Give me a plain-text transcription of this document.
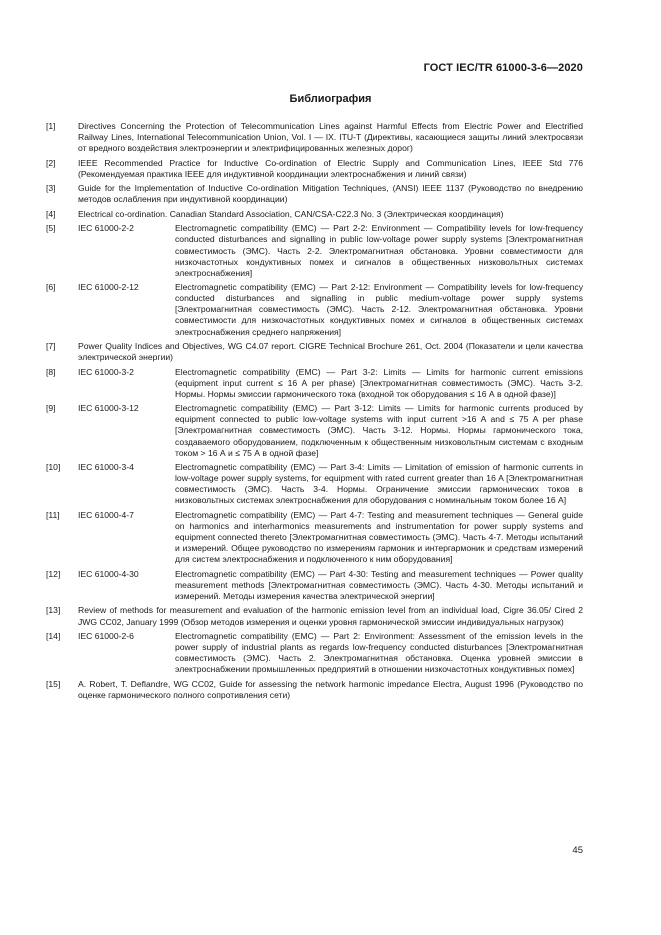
ГОСТ IEC/TR 61000-3-6—2020
Библиография
[1]	Directives Concerning the Protection of Telecommunication Lines against Harmful Effects from Electric Power and Electrified Railway Lines, International Telecommunication Union, Vol. I — IX. ITU-T (Директивы, касающиеся защиты линий электросвязи от вредного воздействия электроэнергии и электрифицированных железных дорог)
[2]	IEEE Recommended Practice for Inductive Co-ordination of Electric Supply and Communication Lines, IEEE Std 776 (Рекомендуемая практика IEEE для индуктивной координации электроснабжения и линий связи)
[3]	Guide for the Implementation of Inductive Co-ordination Mitigation Techniques, (ANSI) IEEE 1137 (Руководство по внедрению методов ослабления при индуктивной координации)
[4]	Electrical co-ordination. Canadian Standard Association, CAN/CSA-C22.3 No. 3 (Электрическая координация)
[5]	IEC 61000-2-2	Electromagnetic compatibility (EMC) — Part 2-2: Environment — Compatibility levels for low-frequency conducted disturbances and signalling in public low-voltage power supply systems [Электромагнитная совместимость (ЭМС). Часть 2-2. Электромагнитная обстановка. Уровни совместимости для низкочастотных кондуктивных помех и сигналов в общественных низковольтных системах электроснабжения]
[6]	IEC 61000-2-12	Electromagnetic compatibility (EMC) — Part 2-12: Environment — Compatibility levels for low-frequency conducted disturbances and signalling in public medium-voltage power supply systems [Электромагнитная совместимость (ЭМС). Часть 2-12. Электромагнитная обстановка. Уровни совместимости для низкочастотных кондуктивных помех и сигналов в общественных системах электроснабжения среднего напряжения]
[7]	Power Quality Indices and Objectives, WG C4.07 report. CIGRE Technical Brochure 261, Oct. 2004 (Показатели и цели качества электрической энергии)
[8]	IEC 61000-3-2	Electromagnetic compatibility (EMC) — Part 3-2: Limits — Limits for harmonic current emissions (equipment input current ≤ 16 A per phase) [Электромагнитная совместимость (ЭМС). Часть 3-2. Нормы. Нормы эмиссии гармонического тока (входной ток оборудования ≤ 16 А в одной фазе)]
[9]	IEC 61000-3-12	Electromagnetic compatibility (EMC) — Part 3-12: Limits — Limits for harmonic currents produced by equipment connected to public low-voltage systems with input current >16 A and ≤ 75 A per phase [Электромагнитная совместимость (ЭМС). Часть 3-12. Нормы. Нормы гармонического тока, создаваемого оборудованием, подключенным к общественным низковольтным системам с входным током > 16 А и ≤ 75 А в одной фазе]
[10]	IEC 61000-3-4	Electromagnetic compatibility (EMC) — Part 3-4: Limits — Limitation of emission of harmonic currents in low-voltage power supply systems, for equipment with rated current greater than 16 A [Электромагнитная совместимость (ЭМС). Часть 3-4. Нормы. Ограничение эмиссии гармонических токов в низковольтных системах электроснабжения для оборудования с номинальным током более 16 А]
[11]	IEC 61000-4-7	Electromagnetic compatibility (EMC) — Part 4-7: Testing and measurement techniques — General guide on harmonics and interharmonics measurements and instrumentation for power supply systems and equipment connected thereto [Электромагнитная совместимость (ЭМС). Часть 4-7. Методы испытаний и измерений. Общее руководство по измерениям гармоник и интергармоник и средствам измерений для систем электроснабжения и подключенного к ним оборудования]
[12]	IEC 61000-4-30	Electromagnetic compatibility (EMC) — Part 4-30: Testing and measurement techniques — Power quality measurement methods [Электромагнитная совместимость (ЭМС). Часть 4-30. Методы испытаний и измерений. Методы измерения качества электрической энергии]
[13]	Review of methods for measurement and evaluation of the harmonic emission level from an individual load, Cigre 36.05/ Cired 2 JWG CC02, January 1999 (Обзор методов измерения и оценки уровня гармонической эмиссии индивидуальных нагрузок)
[14]	IEC 61000-2-6	Electromagnetic compatibility (EMC) — Part 2: Environment: Assessment of the emission levels in the power supply of industrial plants as regards low-frequency conducted disturbances [Электромагнитная совместимость (ЭМС). Часть 2. Электромагнитная обстановка. Оценка уровней эмиссии в электроснабжении промышленных предприятий в отношении низкочастотных кондуктивных помех]
[15]	A. Robert, T. Deflandre, WG CC02, Guide for assessing the network harmonic impedance Electra, August 1996 (Руководство по оценке гармонического полного сопротивления сети)
45
